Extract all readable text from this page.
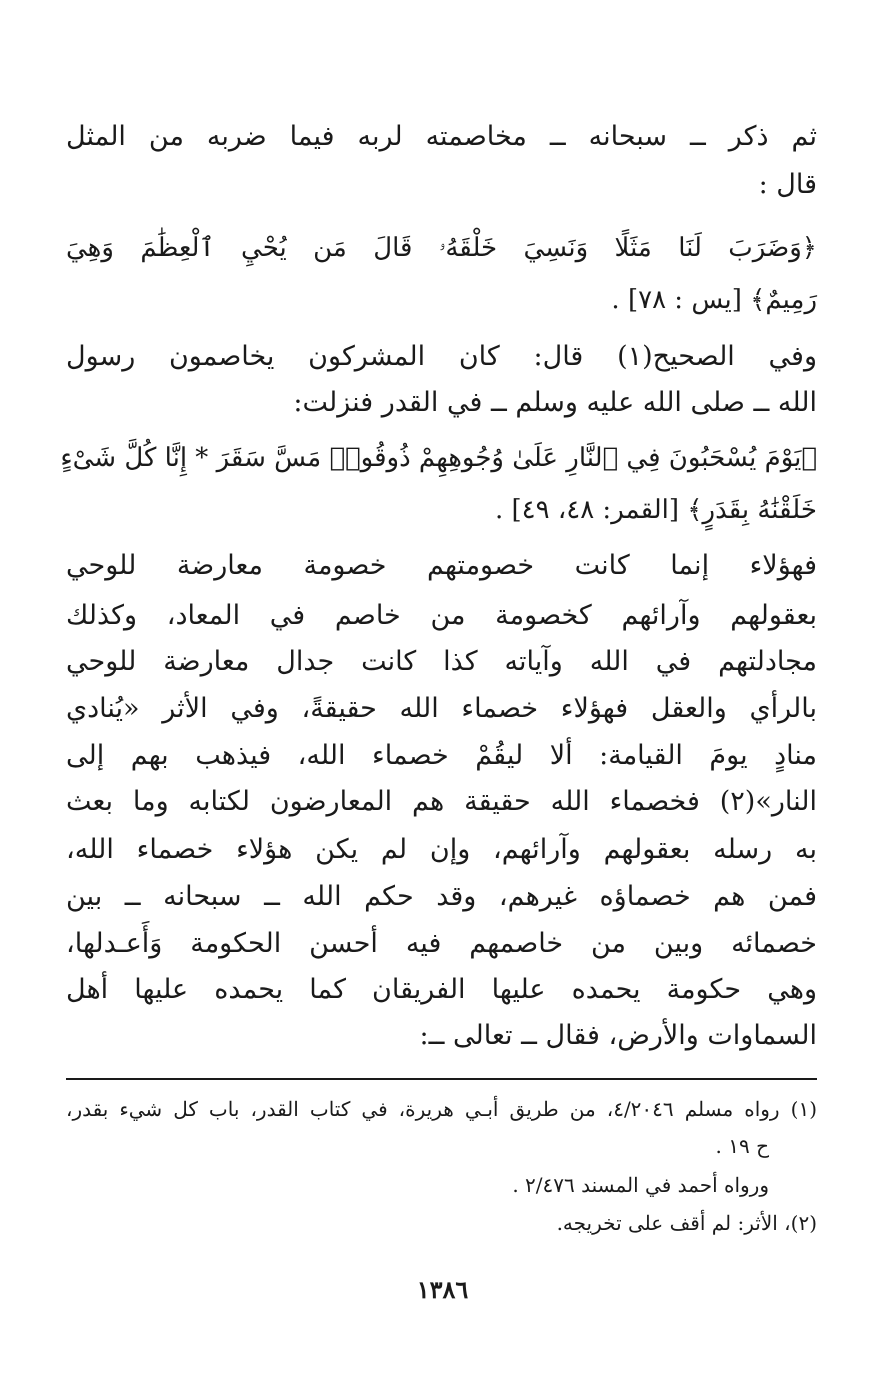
ثم ذكر ــ سبحانه ــ مخاصمته لربه فيما ضربه من المثل
قال :
﴿وَضَرَبَ لَنَا مَثَلًا وَنَسِيَ خَلْقَهُۥ قَالَ مَن يُحْيِ ٱلْعِظَٰمَ وَهِيَ
رَمِيمٌ﴾ [يس : ٧٨] .
وفي الصحيح(١) قال: كان المشركون يخاصمون رسول
الله ــ صلى الله عليه وسلم ــ في القدر فنزلت:
﴿يَوْمَ يُسْحَبُونَ فِي ٱلنَّارِ عَلَىٰ وُجُوهِهِمْ ذُوقُوا۟ مَسَّ سَقَرَ * إِنَّا كُلَّ شَىْءٍ
خَلَقْنَٰهُ بِقَدَرٍ﴾ [القمر: ٤٨، ٤٩] .
فهؤلاء إنما كانت خصومتهم خصومة معارضة للوحي
بعقولهم وآرائهم كخصومة من خاصم في المعاد، وكذلك
مجادلتهم في الله وآياته كذا كانت جدال معارضة للوحي
بالرأي والعقل فهؤلاء خصماء الله حقيقةً، وفي الأثر «يُنادي
منادٍ يومَ القيامة: ألا ليقُمْ خصماء الله، فيذهب بهم إلى
النار»(٢) فخصماء الله حقيقة هم المعارضون لكتابه وما بعث
به رسله بعقولهم وآرائهم، وإن لم يكن هؤلاء خصماء الله،
فمن هم خصماؤه غيرهم، وقد حكم الله ــ سبحانه ــ بين
خصمائه وبين من خاصمهم فيه أحسن الحكومة وَأَعـدلها،
وهي حكومة يحمده عليها الفريقان كما يحمده عليها أهل
السماوات والأرض، فقال ــ تعالى ــ:
(١) رواه مسلم ٤/٢٠٤٦، من طريق أبـي هريرة، في كتاب القدر، باب كل شيء بقدر،
ح ١٩ .
ورواه أحمد في المسند ٢/٤٧٦ .
(٢)، الأثر: لم أقف على تخريجه.
١٣٨٦
